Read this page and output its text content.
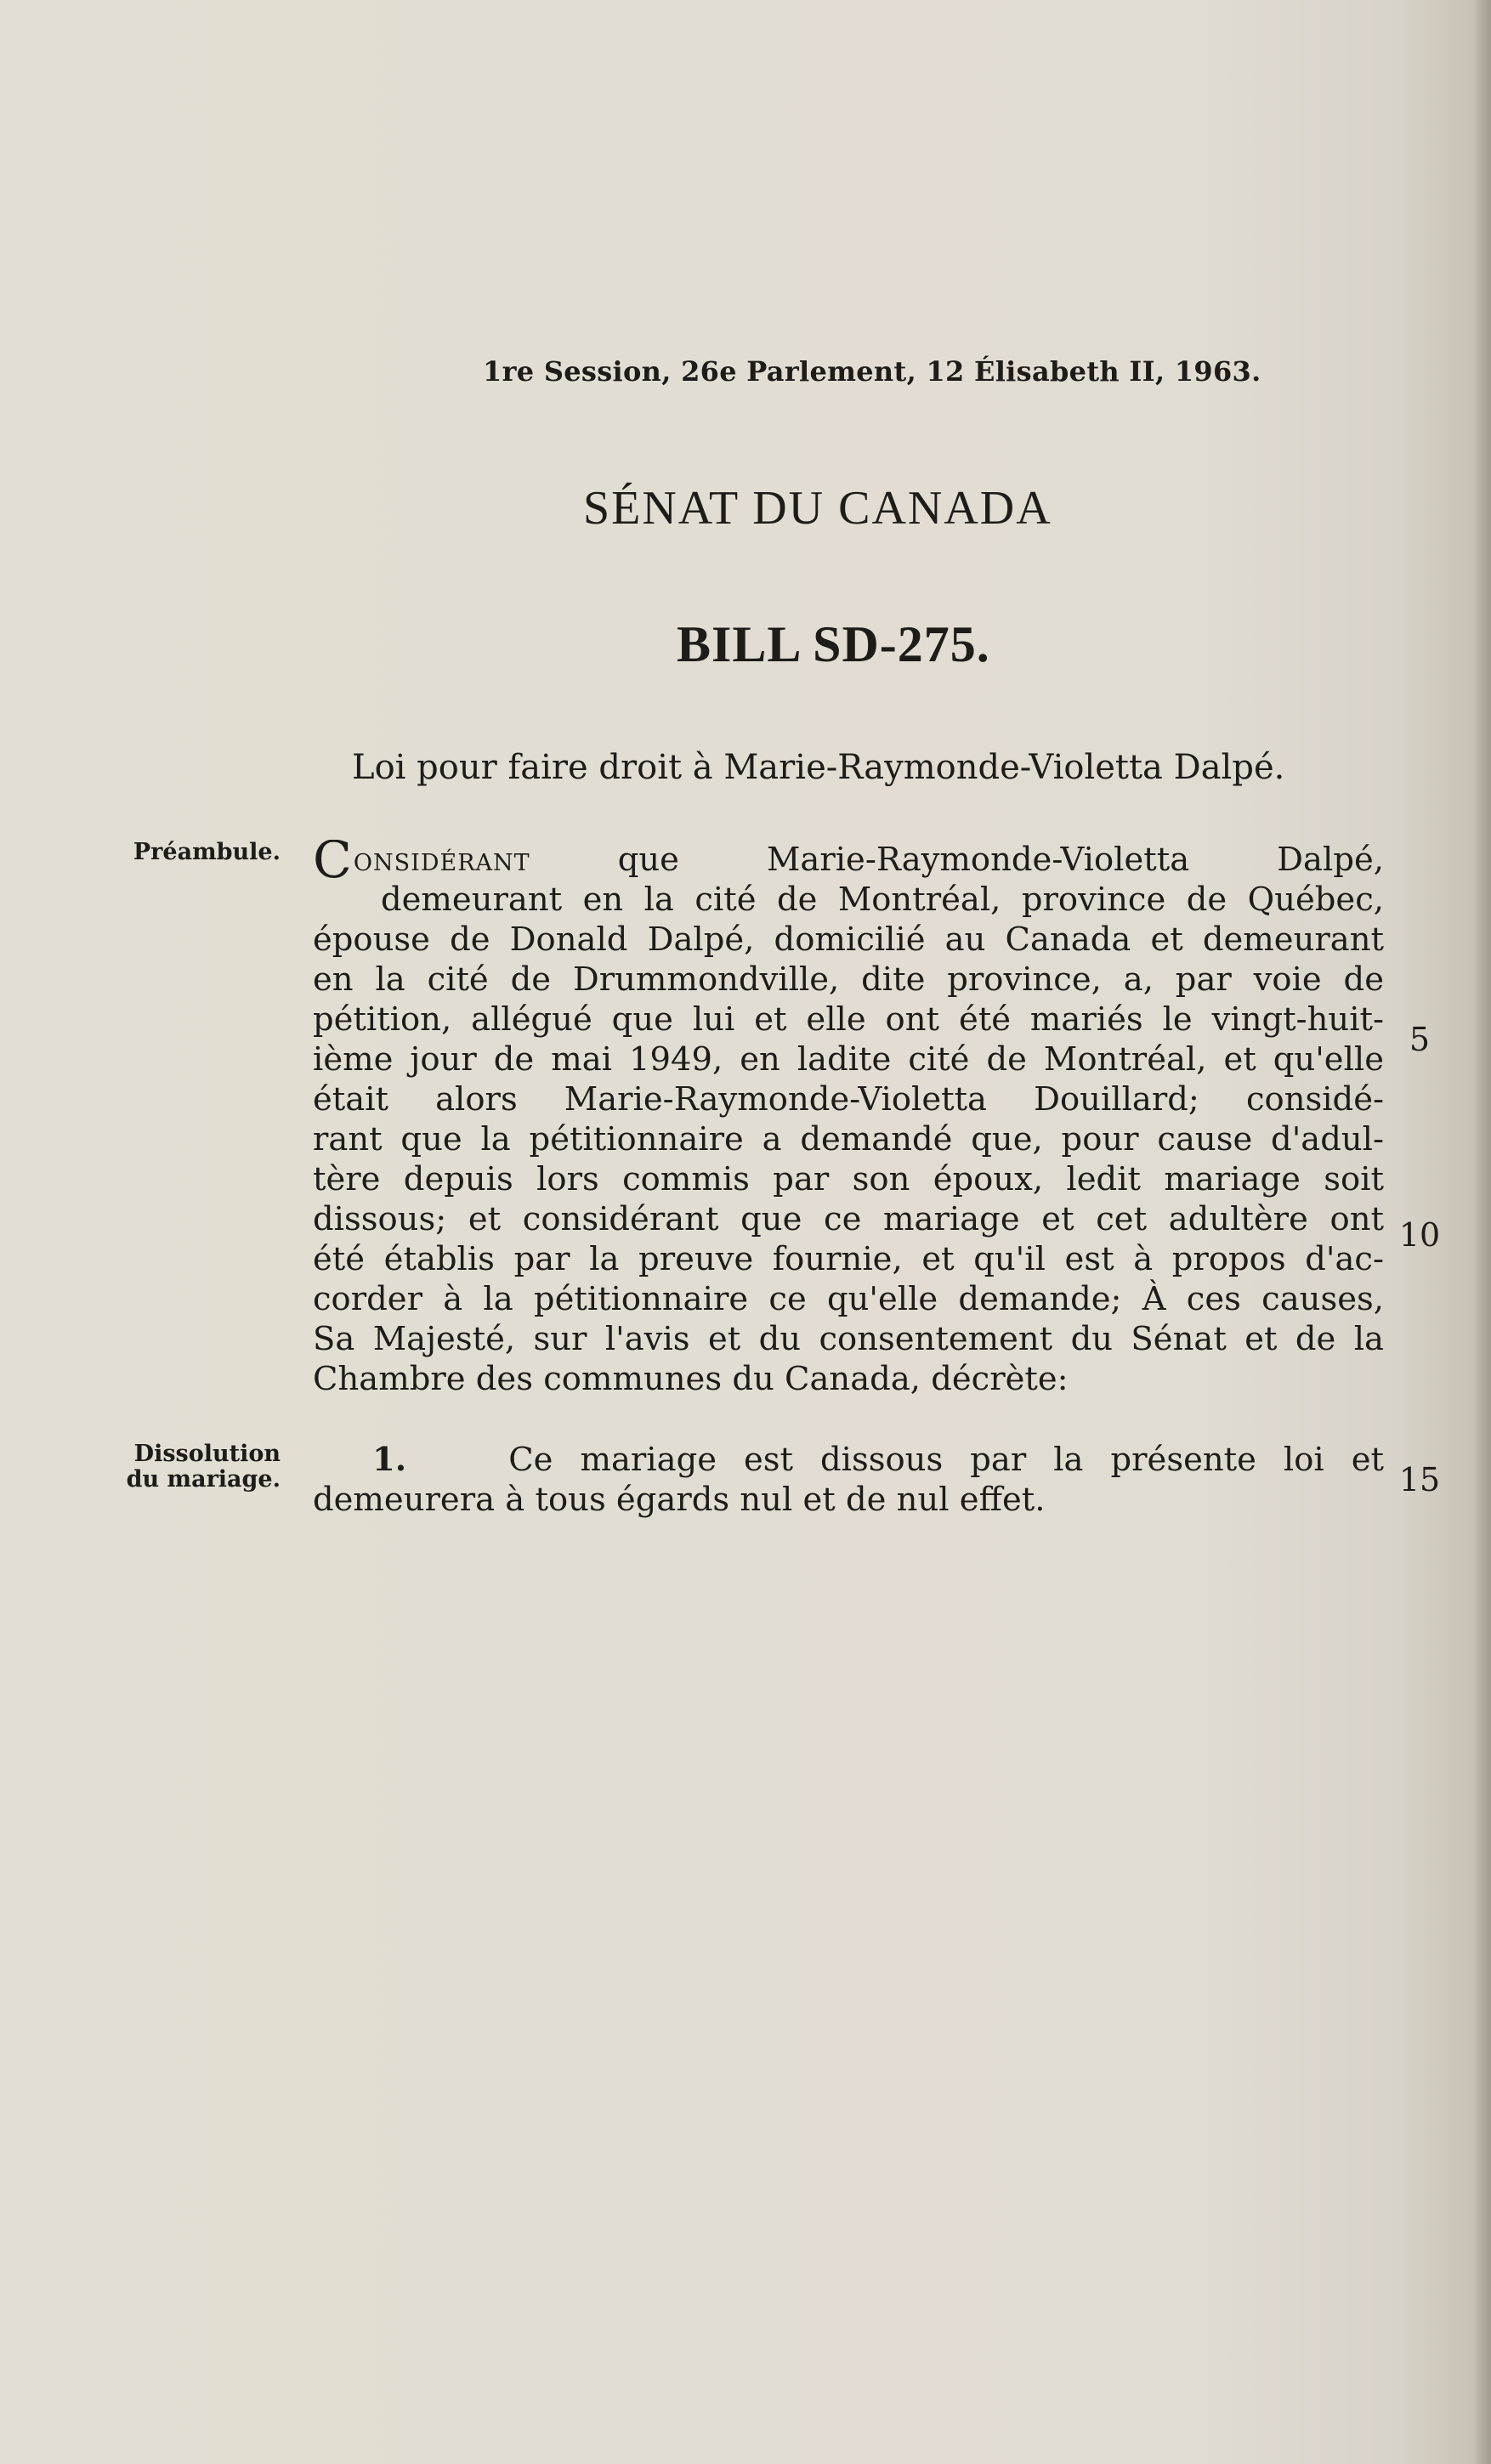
1re Session, 26e Parlement, 12 Élisabeth II, 1963.
SÉNAT DU CANADA
BILL SD-275.
Loi pour faire droit à Marie-Raymonde-Violetta Dalpé.
Préambule.
Dissolution
du mariage.
Considérant	que Marie-Raymonde-Violetta Dalpé,
demeurant en la cité de Montréal, province de Québec,
épouse de Donald Dalpé, domicilié au Canada et demeurant
en la cité de Drummondville, dite province, a, par voie de
pétition, allégué que lui et elle ont été mariés le vingt-huit-
ième jour de mai 1949, en ladite cité de Montréal, et qu'elle
était alors Marie-Raymonde-Violetta Douillard; considé-
rant que la pétitionnaire a demandé que, pour cause d'adul-
tère depuis lors commis par son époux, ledit mariage soit
dissous; et considérant que ce mariage et cet adultère ont
été établis par la preuve fournie, et qu'il est à propos d'ac-
corder à la pétitionnaire ce qu'elle demande; À ces causes,
Sa Majesté, sur l'avis et du consentement du Sénat et de la
Chambre des communes du Canada, décrète:
1.	Ce mariage est dissous par la présente loi et
demeurera à tous égards nul et de nul effet.
5
10
15
